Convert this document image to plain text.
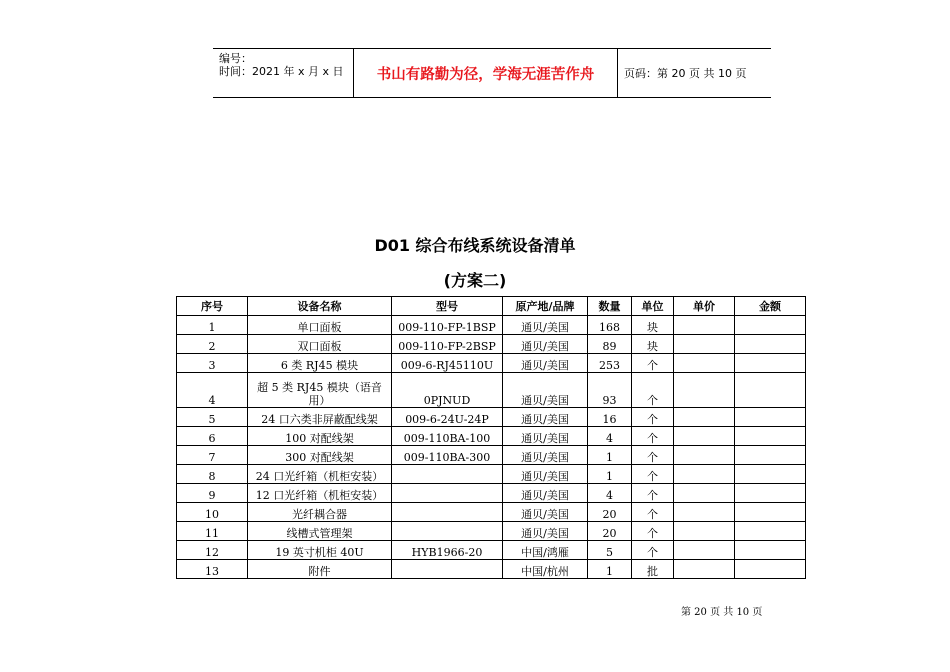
编号：
时间：2021 年 x 月 x 日	书山有路勤为径，学海无涯苦作舟	页码：第 20 页 共 10 页
D01 综合布线系统设备清单
(方案二)
序号	设备名称	型号	原产地/品牌	数量	单位	单价	金额
1	单口面板	009-110-FP-1BSP	通贝/美国	168	块		
2	双口面板	009-110-FP-2BSP	通贝/美国	89	块		
3	6 类 RJ45 模块	009-6-RJ45110U	通贝/美国	253	个		
4	超 5 类 RJ45 模块（语音用）	0PJNUD	通贝/美国	93	个		
5	24 口六类非屏蔽配线架	009-6-24U-24P	通贝/美国	16	个		
6	100 对配线架	009-110BA-100	通贝/美国	4	个		
7	300 对配线架	009-110BA-300	通贝/美国	1	个		
8	24 口光纤箱（机柜安装）		通贝/美国	1	个		
9	12 口光纤箱（机柜安装）		通贝/美国	4	个		
10	光纤耦合器		通贝/美国	20	个		
11	线槽式管理架		通贝/美国	20	个		
12	19 英寸机柜 40U	HYB1966-20	中国/鸿雁	5	个		
13	附件		中国/杭州	1	批		
第 20 页 共 10 页
